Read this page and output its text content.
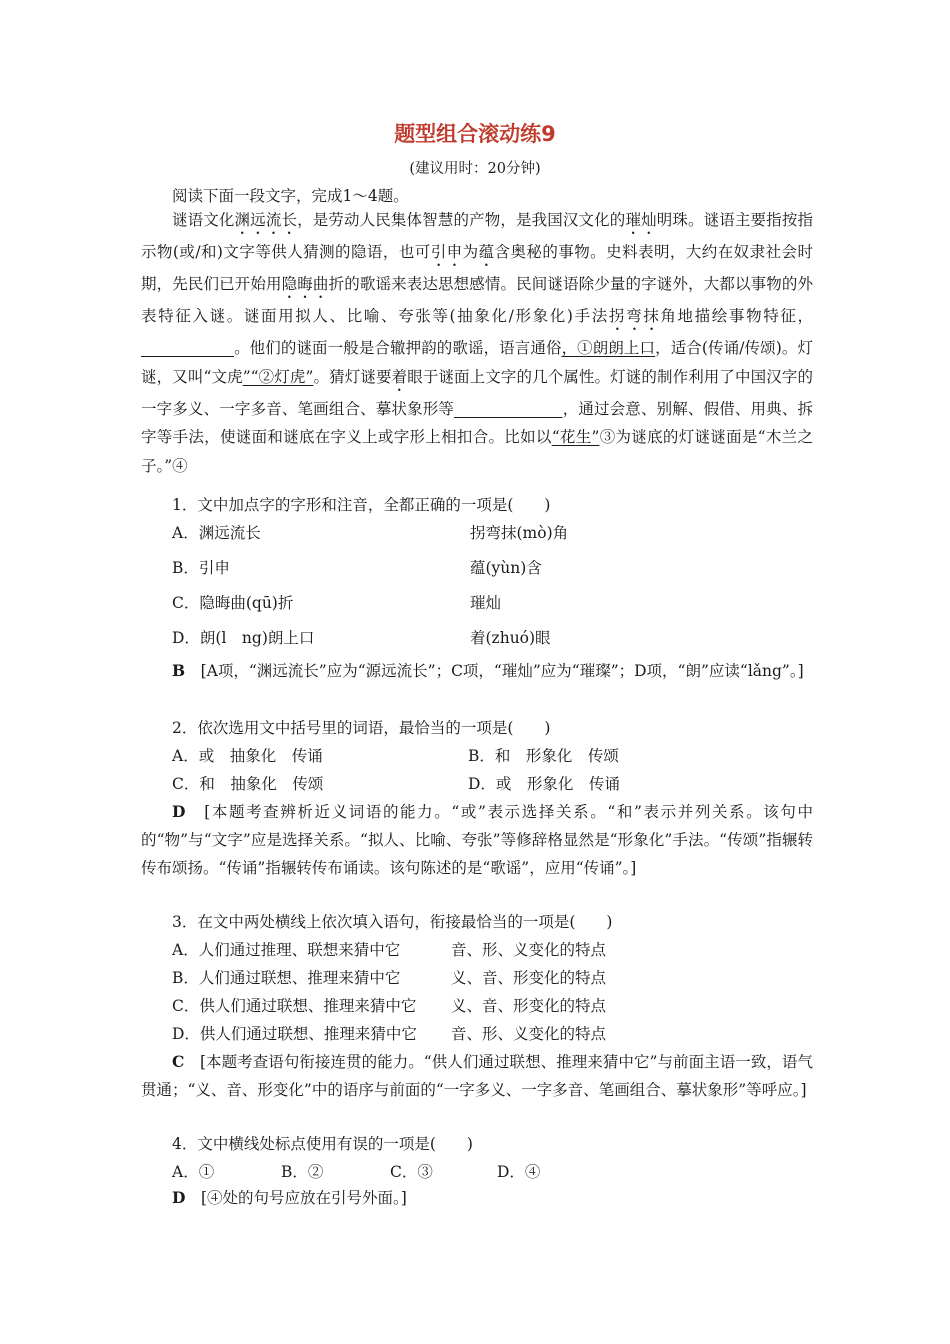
题型组合滚动练9
(建议用时：20分钟)
阅读下面一段文字，完成1～4题。
谜语文化渊远流长，是劳动人民集体智慧的产物，是我国汉文化的璀灿明珠。谜语主要指按指示物(或/和)文字等供人猜测的隐语，也可引申为蕴含奥秘的事物。史料表明，大约在奴隶社会时期，先民们已开始用隐晦曲折的歌谣来表达思想感情。民间谜语除少量的字谜外，大都以事物的外表特征入谜。谜面用拟人、比喻、夸张等(抽象化/形象化)手法拐弯抹角地描绘事物特征，____________。他们的谜面一般是合辙押韵的歌谣，语言通俗，①朗朗上口，适合(传诵/传颂)。灯谜，又叫“文虎”“②灯虎”。猜灯谜要着眼于谜面上文字的几个属性。灯谜的制作利用了中国汉字的一字多义、一字多音、笔画组合、摹状象形等______________，通过会意、别解、假借、用典、拆字等手法，使谜面和谜底在字义上或字形上相扣合。比如以“花生”③为谜底的灯谜谜面是“木兰之子。”④
1．文中加点字的字形和注音，全都正确的一项是(　　)
A．渊远流长	拐弯抹(mò)角
B．引申	蕴(yùn)含
C．隐晦曲(qū)折	璀灿
D．朗(l　ng)朗上口	着(zhuó)眼
B　 [A项，“渊远流长”应为“源远流长”；C项，“璀灿”应为“璀璨”；D项，“朗”应读“lǎng”。]
2．依次选用文中括号里的词语，最恰当的一项是(　　)
A．或　抽象化　传诵	B．和　形象化　传颂
C．和　抽象化　传颂	D．或　形象化　传诵
D　 [本题考查辨析近义词语的能力。“或”表示选择关系。“和”表示并列关系。该句中的“物”与“文字”应是选择关系。“拟人、比喻、夸张”等修辞格显然是“形象化”手法。“传颂”指辗转传布颂扬。“传诵”指辗转传布诵读。该句陈述的是“歌谣”，应用“传诵”。]
3．在文中两处横线上依次填入语句，衔接最恰当的一项是(　　)
A．人们通过推理、联想来猜中它	音、形、义变化的特点
B．人们通过联想、推理来猜中它	义、音、形变化的特点
C．供人们通过联想、推理来猜中它 义、音、形变化的特点
D．供人们通过联想、推理来猜中它 音、形、义变化的特点
C　 [本题考查语句衔接连贯的能力。“供人们通过联想、推理来猜中它”与前面主语一致，语气贯通；“义、音、形变化”中的语序与前面的“一字多义、一字多音、笔画组合、摹状象形”等呼应。]
4．文中横线处标点使用有误的一项是(　　)
A．①	B．②	C．③	D．④
D　 [④处的句号应放在引号外面。]
